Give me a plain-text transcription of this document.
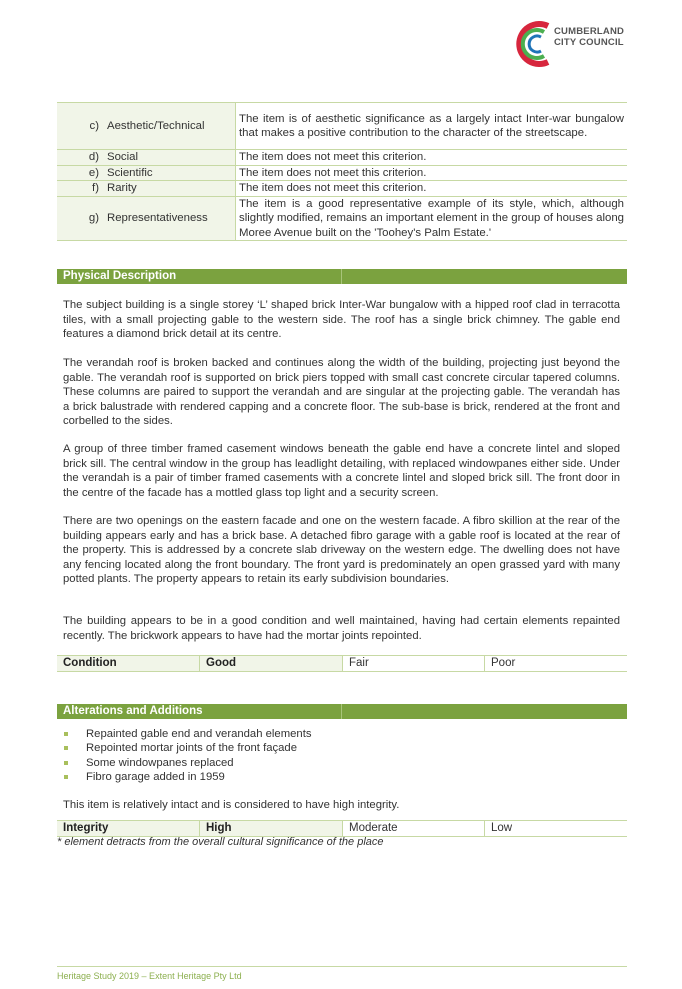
CUMBERLAND
CITY COUNCIL
c) Aesthetic/Technical	The item is of aesthetic significance as a largely intact Inter-war bungalow that makes a positive contribution to the character of the streetscape.
d) Social	The item does not meet this criterion.
e) Scientific	The item does not meet this criterion.
f) Rarity	The item does not meet this criterion.
g) Representativeness	The item is a good representative example of its style, which, although slightly modified, remains an important element in the group of houses along Moree Avenue built on the 'Toohey's Palm Estate.'
Physical Description

The subject building is a single storey ‘L’ shaped brick Inter-War bungalow with a hipped roof clad in terracotta tiles, with a small projecting gable to the western side. The roof has a single brick chimney. The gable end features a diamond brick detail at its centre.

The verandah roof is broken backed and continues along the width of the building, projecting just beyond the gable. The verandah roof is supported on brick piers topped with small cast concrete circular tapered columns. These columns are paired to support the verandah and are singular at the projecting gable. The verandah has a brick balustrade with rendered capping and a concrete floor. The sub-base is brick, rendered at the front and corbelled to the sides.

A group of three timber framed casement windows beneath the gable end have a concrete lintel and sloped brick sill. The central window in the group has leadlight detailing, with replaced windowpanes either side. Under the verandah is a pair of timber framed casements with a concrete lintel and sloped brick sill. The front door in the centre of the facade has a mottled glass top light and a security screen.

There are two openings on the eastern facade and one on the western facade. A fibro skillion at the rear of the building appears early and has a brick base. A detached fibro garage with a gable roof is located at the rear of the property. This is addressed by a concrete slab driveway on the western edge. The dwelling does not have any fencing located along the front boundary. The front yard is predominately an open grassed yard with many potted plants. The property appears to retain its early subdivision boundaries.

The building appears to be in a good condition and well maintained, having had certain elements repainted recently. The brickwork appears to have had the mortar joints repointed.

Condition	Good	Fair	Poor
Alterations and Additions
Repainted gable end and verandah elements
Repointed mortar joints of the front façade
Some windowpanes replaced
Fibro garage added in 1959

This item is relatively intact and is considered to have high integrity.

Integrity	High	Moderate	Low
* element detracts from the overall cultural significance of the place
Heritage Study 2019 – Extent Heritage Pty Ltd
